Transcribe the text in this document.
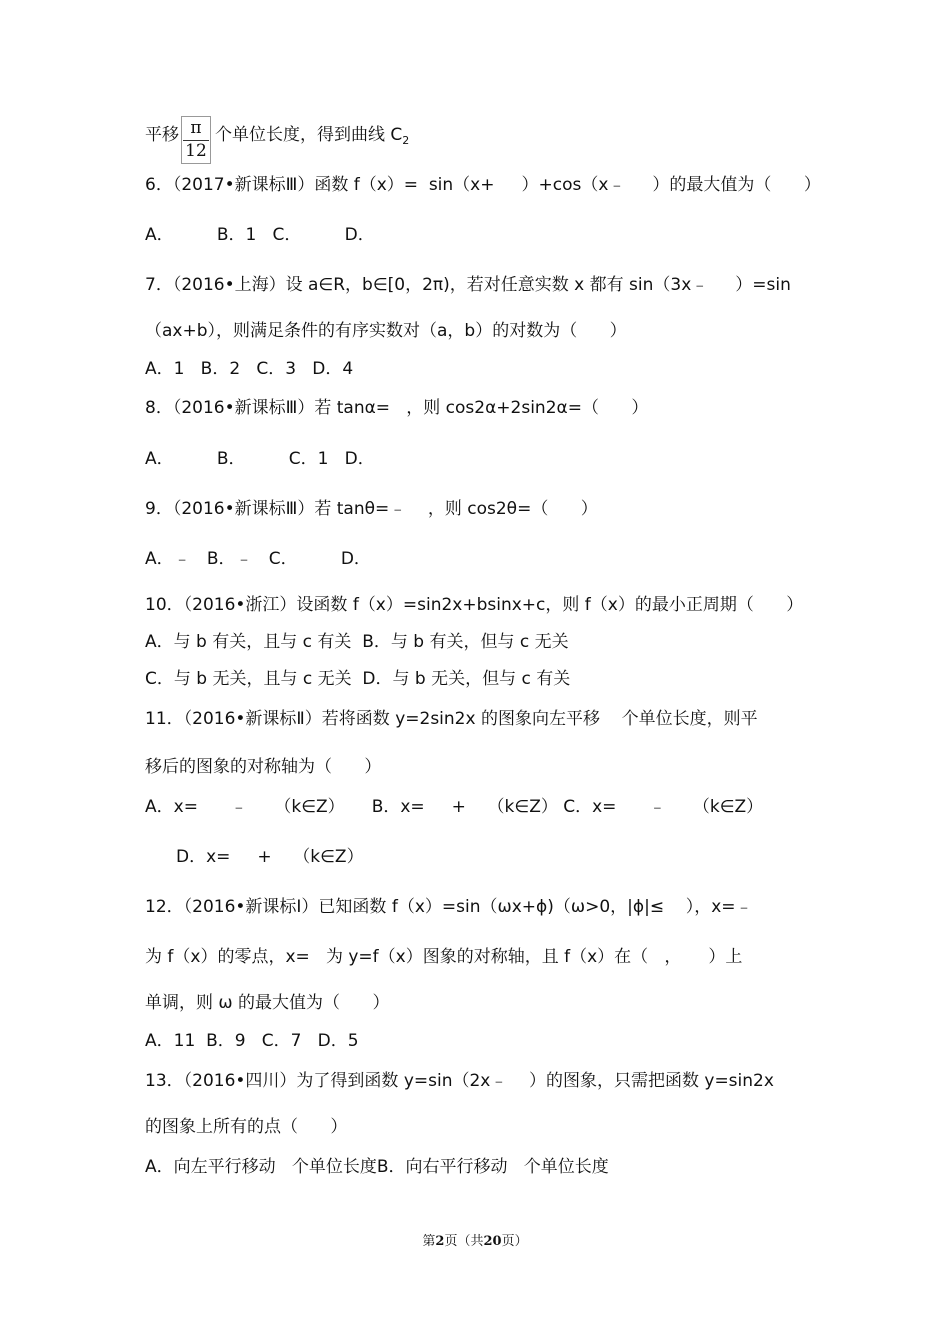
平移 个单位长度，得到曲线 $C_2$
π
12
6．（2017•新课标Ⅲ）函数 f（x）=  sin（x+     ）+cos（x﹣     ）的最大值为（      ）
A．        B．1   C．        D．
7．（2016•上海）设 a∈R，b∈[0，2π)，若对任意实数 x 都有 sin（3x﹣     ）=sin
（ax+b），则满足条件的有序实数对（a，b）的对数为（      ）
A．1   B．2   C．3   D．4
8．（2016•新课标Ⅲ）若 tanα=   ，则 cos2α+2sin2α=（      ）
A．        B．        C．1   D．
9．（2016•新课标Ⅲ）若 tanθ=﹣    ，则 cos2θ=（      ）
A．﹣   B．﹣   C．        D．
10．（2016•浙江）设函数 f（x）=sin2x+bsinx+c，则 f（x）的最小正周期（      ）
A．与 b 有关，且与 c 有关  B．与 b 有关，但与 c 无关
C．与 b 无关，且与 c 无关  D．与 b 无关，但与 c 有关
11．（2016•新课标Ⅱ）若将函数 y=2sin2x 的图象向左平移    个单位长度，则平
移后的图象的对称轴为（      ）
A．x=      ﹣     （k∈Z）     B．x=     +    （k∈Z） C．x=      ﹣     （k∈Z）
D．x=     +    （k∈Z）
12．（2016•新课标Ⅰ）已知函数 f（x）=sin（ωx+ϕ)（ω>0，|ϕ|≤    ），x=﹣
为 f（x）的零点，x=   为 y=f（x）图象的对称轴，且 f（x）在（   ，     ）上
单调，则 ω 的最大值为（      ）
A．11  B．9   C．7   D．5
13．（2016•四川）为了得到函数 y=sin（2x﹣    ）的图象，只需把函数 y=sin2x
的图象上所有的点（      ）
A．向左平行移动   个单位长度B．向右平行移动   个单位长度
第2页（共20页）
